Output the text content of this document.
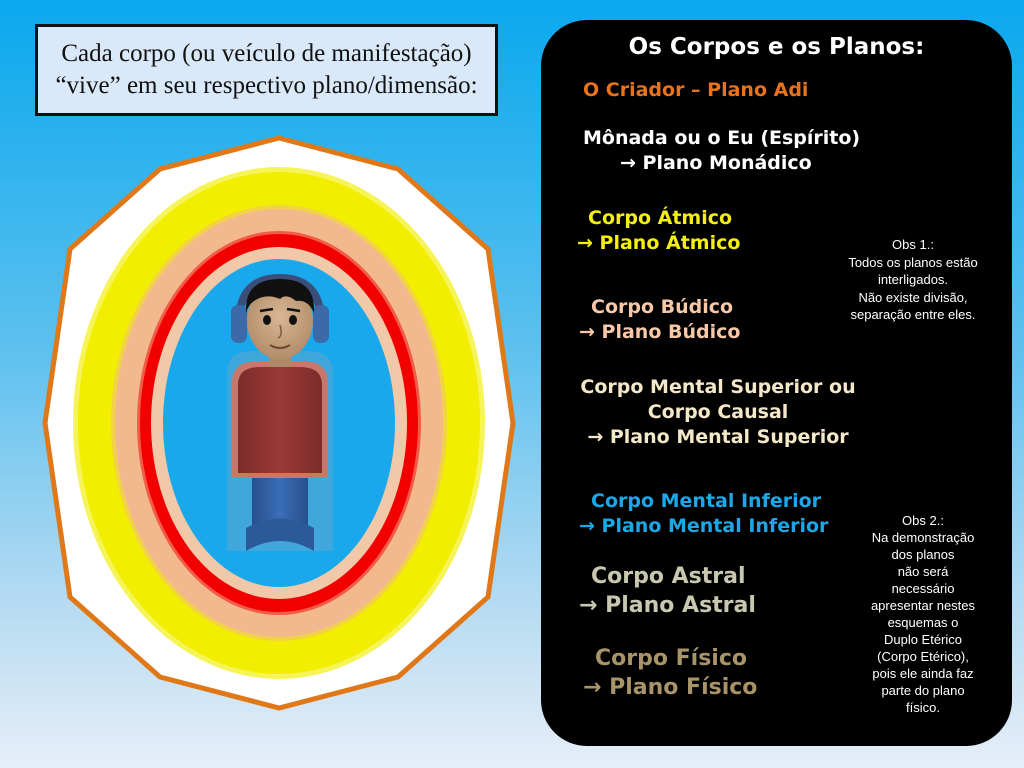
Cada corpo (ou veículo de manifestação)
“vive” em seu respectivo plano/dimensão:
Os Corpos e os Planos:
O Criador – Plano Adi
Mônada ou o Eu (Espírito)
→ Plano Monádico
Corpo Átmico
→ Plano Átmico
Corpo Búdico
→ Plano Búdico
Corpo Mental Superior ou
Corpo Causal
→ Plano Mental Superior
Corpo Mental Inferior
→ Plano Mental Inferior
Corpo Astral
→ Plano Astral
Corpo Físico
→ Plano Físico
Obs 1.:
Todos os planos estão
interligados.
Não existe divisão,
separação entre eles.
Obs 2.:
Na demonstração
dos planos
não será
necessário
apresentar nestes
esquemas o
Duplo Etérico
(Corpo Etérico),
pois ele ainda faz
parte do plano
físico.
